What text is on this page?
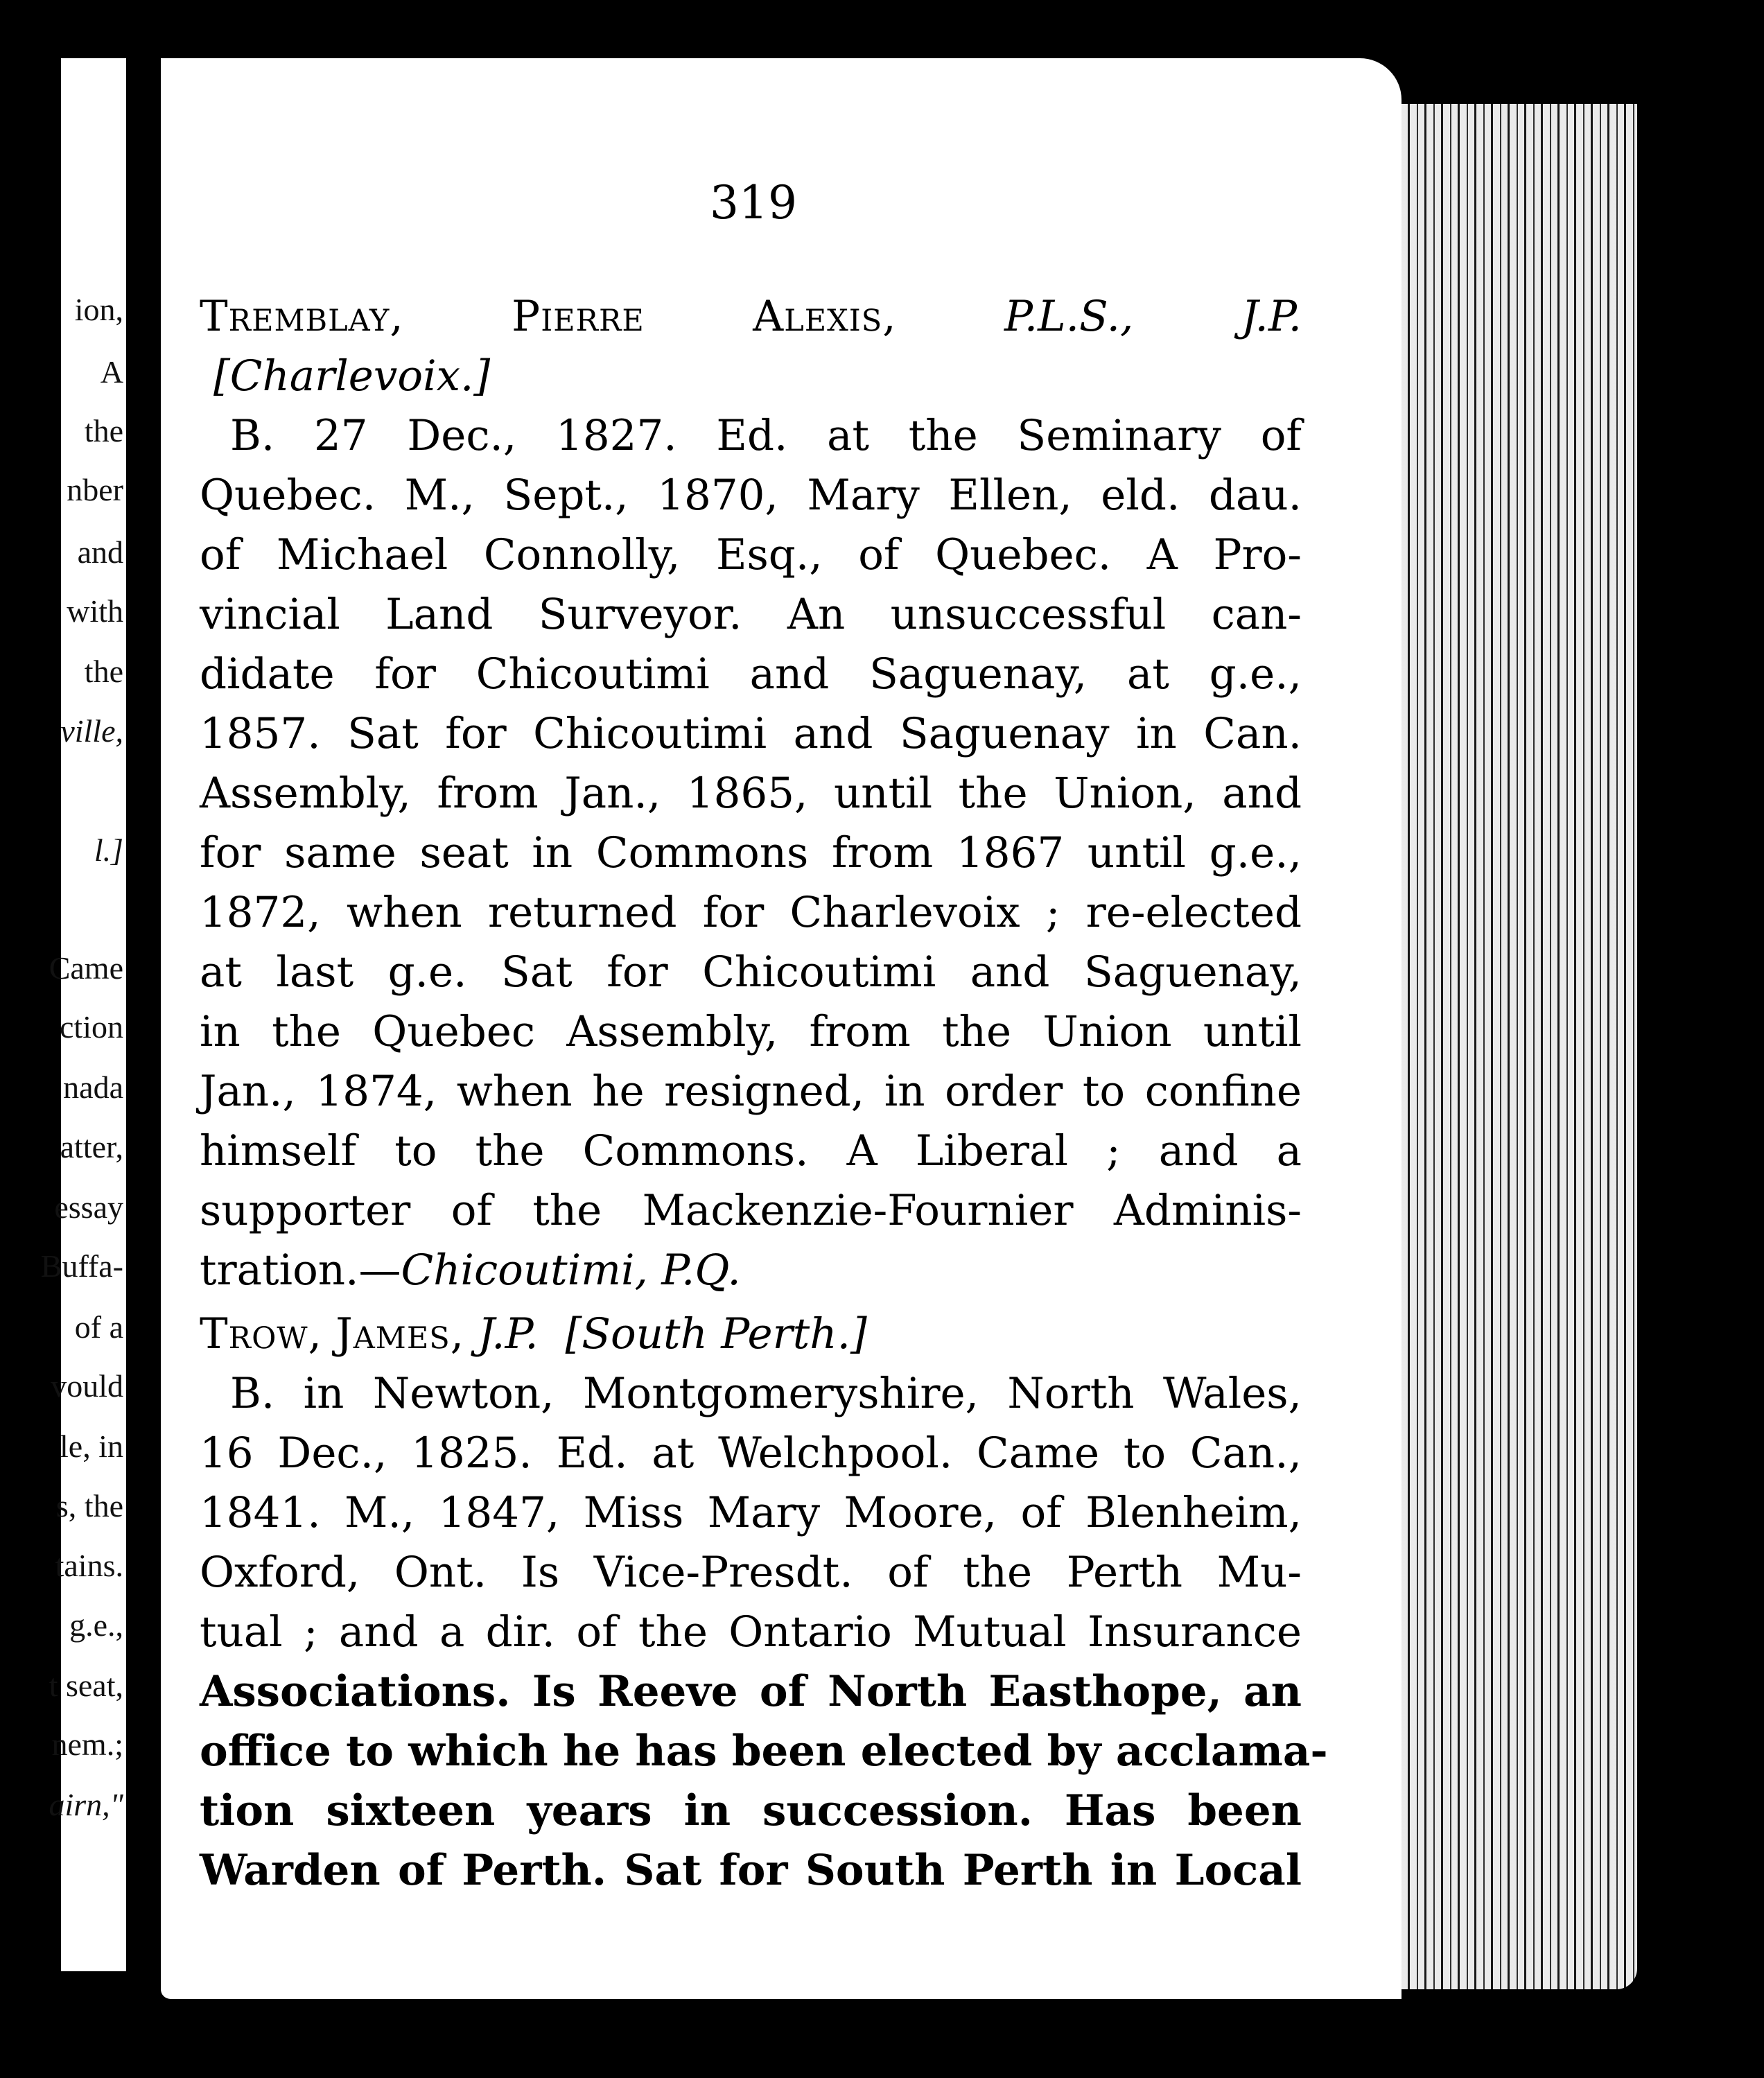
ion,
A
the
nber
and
with
the
ville,
l.]
Came
ction
nada
atter,
essay
Buffa-
of a
vould
le, in
s, the
tains.
g.e.,
t seat,
nem.;
airn,"
319
Tremblay,	Pierre Alexis,	P.L.S., J.P.
[Charlevoix.]
B. 27 Dec., 1827. Ed. at the Seminary of
Quebec. M., Sept., 1870, Mary Ellen, eld. dau.
of Michael Connolly, Esq., of Quebec. A Pro-
vincial Land Surveyor. An unsuccessful can-
didate for Chicoutimi and Saguenay, at g.e.,
1857. Sat for Chicoutimi and Saguenay in Can.
Assembly, from Jan., 1865, until the Union, and
for same seat in Commons from 1867 until g.e.,
1872, when returned for Charlevoix ; re-elected
at last g.e. Sat for Chicoutimi and Saguenay,
in the Quebec Assembly, from the Union until
Jan., 1874, when he resigned, in order to confine
himself to the Commons. A Liberal ; and a
supporter of the Mackenzie-Fournier Adminis-
tration.—Chicoutimi, P.Q.
Trow, James, J.P. [South Perth.]
B. in Newton, Montgomeryshire, North Wales,
16 Dec., 1825. Ed. at Welchpool. Came to Can.,
1841. M., 1847, Miss Mary Moore, of Blenheim,
Oxford, Ont. Is Vice-Presdt. of the Perth Mu-
tual ; and a dir. of the Ontario Mutual Insurance
Associations. Is Reeve of North Easthope, an
office to which he has been elected by acclama-
tion sixteen years in succession. Has been
Warden of Perth. Sat for South Perth in Local
